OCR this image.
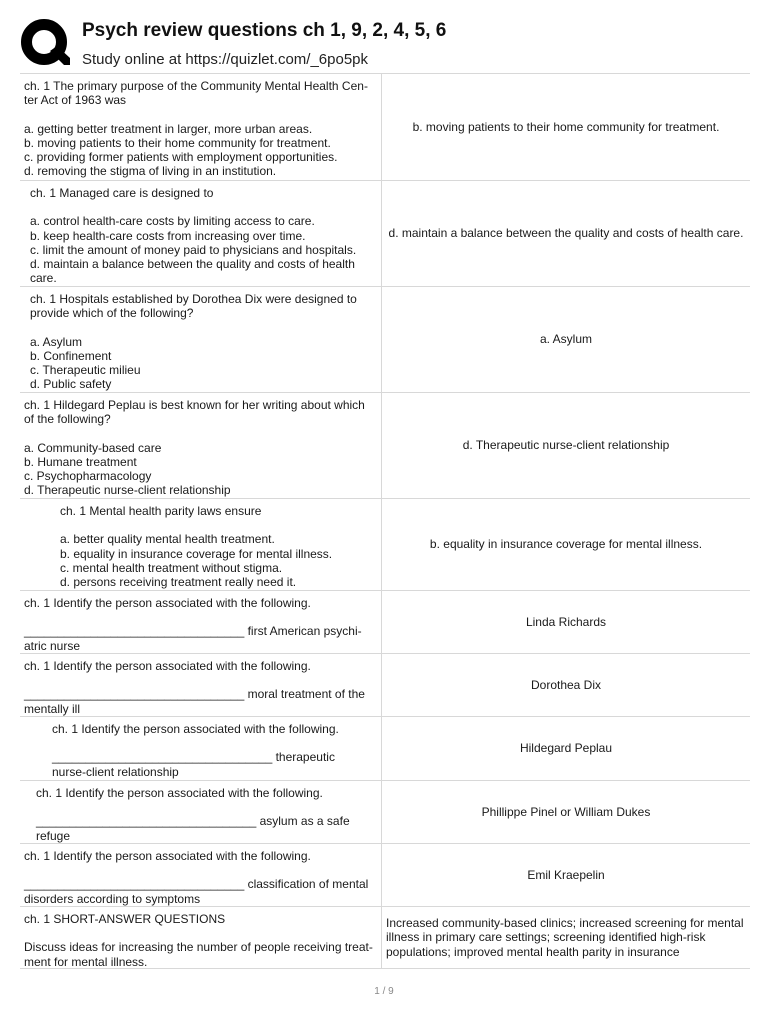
Psych review questions ch 1, 9, 2, 4, 5, 6
Study online at https://quizlet.com/_6po5pk
ch. 1 The primary purpose of the Community Mental Health Cen-
ter Act of 1963 was
a. getting better treatment in larger, more urban areas.
b. moving patients to their home community for treatment.
c. providing former patients with employment opportunities.
d. removing the stigma of living in an institution.
b. moving patients to their home community for treatment.
ch. 1 Managed care is designed to
a. control health-care costs by limiting access to care.
b. keep health-care costs from increasing over time.
c. limit the amount of money paid to physicians and hospitals.
d. maintain a balance between the quality and costs of health
care.
d. maintain a balance between the quality and costs of health care.
ch. 1 Hospitals established by Dorothea Dix were designed to
provide which of the following?
a. Asylum
b. Confinement
c. Therapeutic milieu
d. Public safety
a. Asylum
ch. 1 Hildegard Peplau is best known for her writing about which
of the following?
a. Community-based care
b. Humane treatment
c. Psychopharmacology
d. Therapeutic nurse-client relationship
d. Therapeutic nurse-client relationship
ch. 1 Mental health parity laws ensure
a. better quality mental health treatment.
b. equality in insurance coverage for mental illness.
c. mental health treatment without stigma.
d. persons receiving treatment really need it.
b. equality in insurance coverage for mental illness.
ch. 1 Identify the person associated with the following.
_________________________________ first American psychi-
atric nurse
Linda Richards
ch. 1 Identify the person associated with the following.
_________________________________ moral treatment of the
mentally ill
Dorothea Dix
ch. 1 Identify the person associated with the following.
_________________________________ therapeutic
nurse-client relationship
Hildegard Peplau
ch. 1 Identify the person associated with the following.
_________________________________ asylum as a safe
refuge
Phillippe Pinel or William Dukes
ch. 1 Identify the person associated with the following.
_________________________________ classification of mental
disorders according to symptoms
Emil Kraepelin
ch. 1 SHORT-ANSWER QUESTIONS
Discuss ideas for increasing the number of people receiving treat-
ment for mental illness.
Increased community-based clinics; increased screening for mental illness in primary care settings; screening identified high-risk populations; improved mental health parity in insurance
1 / 9
